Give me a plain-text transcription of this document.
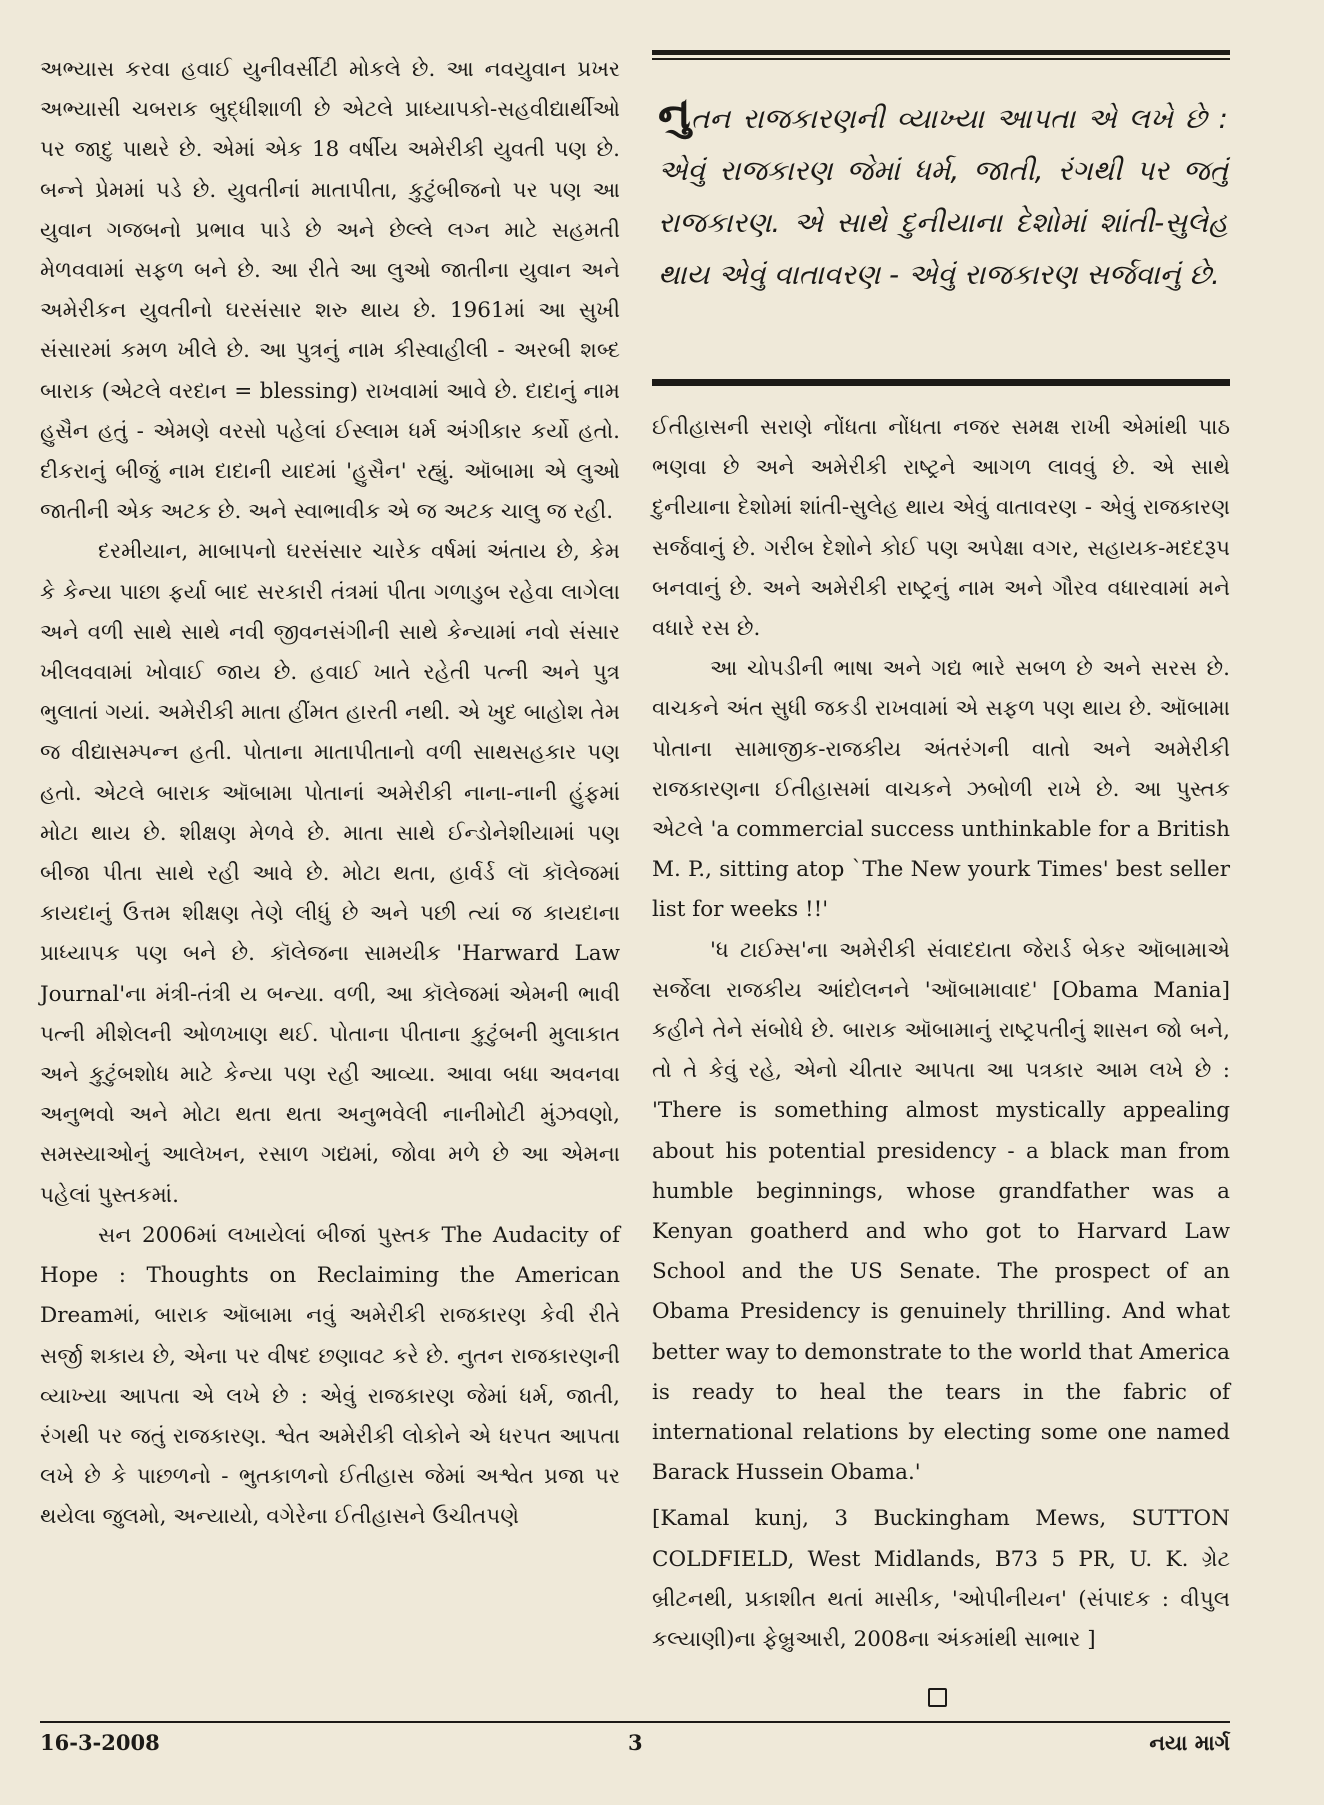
અભ્યાસ કરવા હવાઈ યુનીવર્સીટી મોકલે છે. આ નવયુવાન પ્રખર અભ્યાસી ચબરાક બુદ્ધીશાળી છે એટલે પ્રાધ્યાપકો-સહવીદ્યાર્થીઓ પર જાદુ પાથરે છે. એમાં એક 18 વર્ષીય અમેરીકી યુવતી પણ છે. બન્ને પ્રેમમાં પડે છે. યુવતીનાં માતાપીતા, કુટુંબીજનો પર પણ આ યુવાન ગજબનો પ્રભાવ પાડે છે અને છેલ્લે લગ્ન માટે સહમતી મેળવવામાં સફળ બને છે. આ રીતે આ લુઓ જાતીના યુવાન અને અમેરીકન યુવતીનો ઘરસંસાર શરુ થાય છે. 1961માં આ સુખી સંસારમાં કમળ ખીલે છે. આ પુત્રનું નામ કીસ્વાહીલી - અરબી શબ્દ બારાક (એટલે વરદાન = blessing) રાખવામાં આવે છે. દાદાનું નામ હુસૈન હતું - એમણે વરસો પહેલાં ઈસ્લામ ધર્મ અંગીકાર કર્યો હતો. દીકરાનું બીજું નામ દાદાની યાદમાં 'હુસૈન' રહ્યું. ઑબામા એ લુઓ જાતીની એક અટક છે. અને સ્વાભાવીક એ જ અટક ચાલુ જ રહી.

દરમીયાન, માબાપનો ઘરસંસાર ચારેક વર્ષમાં અંતાય છે, કેમ કે કેન્યા પાછા ફર્યા બાદ સરકારી તંત્રમાં પીતા ગળાડુબ રહેવા લાગેલા અને વળી સાથે સાથે નવી જીવનસંગીની સાથે કેન્યામાં નવો સંસાર ખીલવવામાં ખોવાઈ જાય છે. હવાઈ ખાતે રહેતી પત્ની અને પુત્ર ભુલાતાં ગયાં. અમેરીકી માતા હીંમત હારતી નથી. એ ખુદ બાહોશ તેમ જ વીદ્યાસમ્પન્ન હતી. પોતાના માતાપીતાનો વળી સાથસહકાર પણ હતો. એટલે બારાક ઑબામા પોતાનાં અમેરીકી નાના-નાની હુંફમાં મોટા થાય છે. શીક્ષણ મેળવે છે. માતા સાથે ઈન્ડોનેશીયામાં પણ બીજા પીતા સાથે રહી આવે છે. મોટા થતા, હાર્વર્ડ લૉ કૉલેજમાં કાયદાનું ઉત્તમ શીક્ષણ તેણે લીધું છે અને પછી ત્યાં જ કાયદાના પ્રાધ્યાપક પણ બને છે. કૉલેજના સામયીક 'Harward Law Journal'ના મંત્રી-તંત્રી ય બન્યા. વળી, આ કૉલેજમાં એમની ભાવી પત્ની મીશેલની ઓળખાણ થઈ. પોતાના પીતાના કુટુંબની મુલાકાત અને કુટુંબશોધ માટે કેન્યા પણ રહી આવ્યા. આવા બધા અવનવા અનુભવો અને મોટા થતા થતા અનુભવેલી નાનીમોટી મુંઝવણો, સમસ્યાઓનું આલેખન, રસાળ ગદ્યમાં, જોવા મળે છે આ એમના પહેલાં પુસ્તકમાં.

સન 2006માં લખાયેલાં બીજાં પુસ્તક The Audacity of Hope : Thoughts on Reclaiming the American Dreamમાં, બારાક ઑબામા નવું અમેરીકી રાજકારણ કેવી રીતે સર્જી શકાય છે, એના પર વીષદ છણાવટ કરે છે. નુતન રાજકારણની વ્યાખ્યા આપતા એ લખે છે : એવું રાજકારણ જેમાં ધર્મ, જાતી, રંગથી પર જતું રાજકારણ. શ્વેત અમેરીકી લોકોને એ ધરપત આપતા લખે છે કે પાછળનો - ભુતકાળનો ઈતીહાસ જેમાં અશ્વેત પ્રજા પર થયેલા જુલમો, અન્યાયો, વગેરેના ઈતીહાસને ઉચીતપણે

નુતન રાજકારણની વ્યાખ્યા આપતા એ લખે છે : એવું રાજકારણ જેમાં ધર્મ, જાતી, રંગથી પર જતું રાજકારણ. એ સાથે દુનીયાના દેશોમાં શાંતી-સુલેહ થાય એવું વાતાવરણ - એવું રાજકારણ સર્જવાનું છે.

ઈતીહાસની સરાણે નોંધતા નોંધતા નજર સમક્ષ રાખી એમાંથી પાઠ ભણવા છે અને અમેરીકી રાષ્ટ્રને આગળ લાવવું છે. એ સાથે દુનીયાના દેશોમાં શાંતી-સુલેહ થાય એવું વાતાવરણ - એવું રાજકારણ સર્જવાનું છે. ગરીબ દેશોને કોઈ પણ અપેક્ષા વગર, સહાયક-મદદરૂપ બનવાનું છે. અને અમેરીકી રાષ્ટ્રનું નામ અને ગૌરવ વધારવામાં મને વધારે રસ છે.

આ ચોપડીની ભાષા અને ગદ્ય ભારે સબળ છે અને સરસ છે. વાચકને અંત સુધી જકડી રાખવામાં એ સફળ પણ થાય છે. ઑબામા પોતાના સામાજીક-રાજકીય અંતરંગની વાતો અને અમેરીકી રાજકારણના ઈતીહાસમાં વાચકને ઝબોળી રાખે છે. આ પુસ્તક એટલે 'a commercial success unthinkable for a British M. P., sitting atop `The New yourk Times' best seller list for weeks !!'

'ધ ટાઈમ્સ'ના અમેરીકી સંવાદદાતા જેરાર્ડ બેકર ઑબામાએ સર્જેલા રાજકીય આંદોલનને 'ઑબામાવાદ' [Obama Mania] કહીને તેને સંબોધે છે. બારાક ઑબામાનું રાષ્ટ્રપતીનું શાસન જો બને, તો તે કેવું રહે, એનો ચીતાર આપતા આ પત્રકાર આમ લખે છે : 'There is something almost mystically appealing about his potential presidency - a black man from humble beginnings, whose grandfather was a Kenyan goatherd and who got to Harvard Law School and the US Senate. The prospect of an Obama Presidency is genuinely thrilling. And what better way to demonstrate to the world that America is ready to heal the tears in the fabric of international relations by electing some one named Barack Hussein Obama.'

[Kamal kunj, 3 Buckingham Mews, SUTTON COLDFIELD, West Midlands, B73 5 PR, U. K. ગ્રેટ બ્રીટનથી, પ્રકાશીત થતાં માસીક, 'ઓપીનીયન' (સંપાદક : વીપુલ કલ્યાણી)ના ફેબ્રુઆરી, 2008ના અંકમાંથી સાભાર ]

16-3-2008	3	નયા માર્ગ
